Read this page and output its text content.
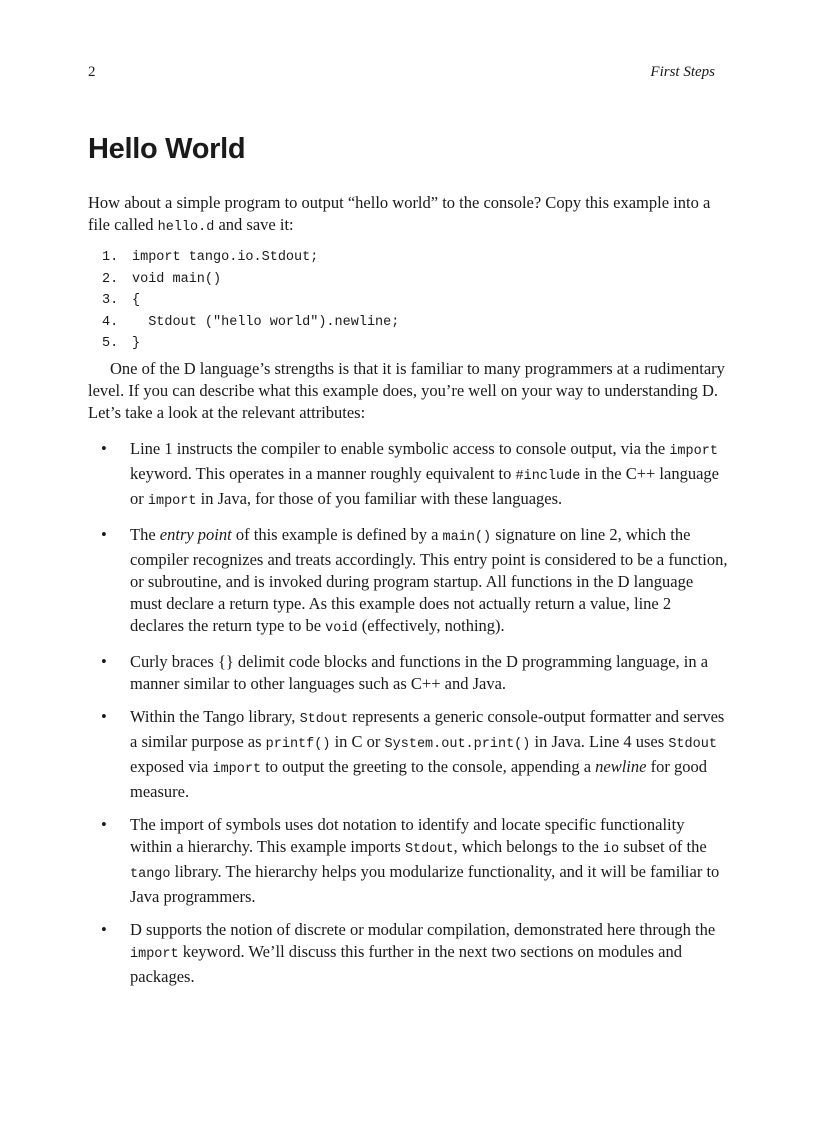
2	First Steps
Hello World

How about a simple program to output “hello world” to the console? Copy this example into a file called hello.d and save it:

1. import tango.io.Stdout;
2. void main()
3. {
4.  Stdout ("hello world").newline;
5. }

One of the D language’s strengths is that it is familiar to many programmers at a rudimentary level. If you can describe what this example does, you’re well on your way to understanding D. Let’s take a look at the relevant attributes:

• Line 1 instructs the compiler to enable symbolic access to console output, via the import keyword. This operates in a manner roughly equivalent to #include in the C++ language or import in Java, for those of you familiar with these languages.
• The entry point of this example is defined by a main() signature on line 2, which the compiler recognizes and treats accordingly. This entry point is considered to be a function, or subroutine, and is invoked during program startup. All functions in the D language must declare a return type. As this example does not actually return a value, line 2 declares the return type to be void (effectively, nothing).
• Curly braces {} delimit code blocks and functions in the D programming language, in a manner similar to other languages such as C++ and Java.
• Within the Tango library, Stdout represents a generic console-output formatter and serves a similar purpose as printf() in C or System.out.print() in Java. Line 4 uses Stdout exposed via import to output the greeting to the console, appending a newline for good measure.
• The import of symbols uses dot notation to identify and locate specific functionality within a hierarchy. This example imports Stdout, which belongs to the io subset of the tango library. The hierarchy helps you modularize functionality, and it will be familiar to Java programmers.
• D supports the notion of discrete or modular compilation, demonstrated here through the import keyword. We’ll discuss this further in the next two sections on modules and packages.
